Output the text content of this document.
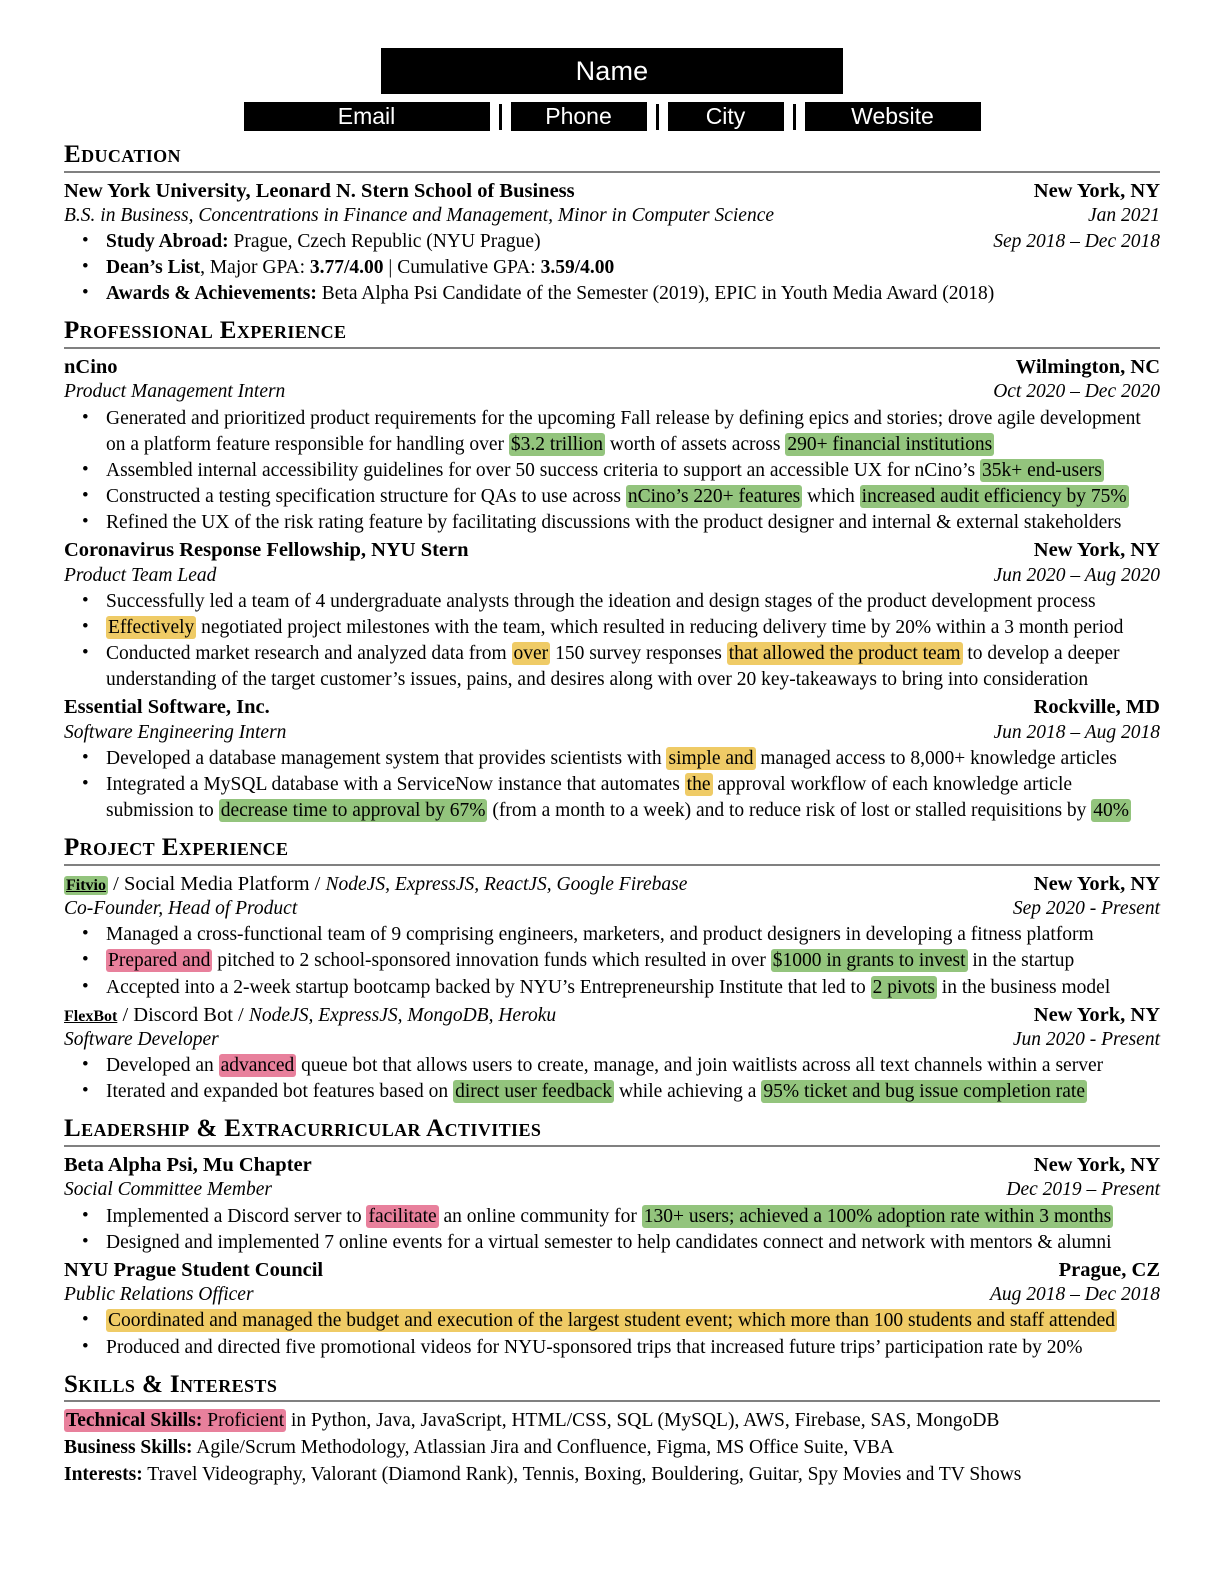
Name
Email	Phone	City	Website
Education
New York University, Leonard N. Stern School of Business	New York, NY
B.S. in Business, Concentrations in Finance and Management, Minor in Computer Science	Jan 2021
• Study Abroad: Prague, Czech Republic (NYU Prague)	Sep 2018 – Dec 2018
• Dean’s List, Major GPA: 3.77/4.00 | Cumulative GPA: 3.59/4.00
• Awards & Achievements: Beta Alpha Psi Candidate of the Semester (2019), EPIC in Youth Media Award (2018)
Professional Experience
nCino	Wilmington, NC
Product Management Intern	Oct 2020 – Dec 2020
• Generated and prioritized product requirements for the upcoming Fall release by defining epics and stories; drove agile development on a platform feature responsible for handling over $3.2 trillion worth of assets across 290+ financial institutions
• Assembled internal accessibility guidelines for over 50 success criteria to support an accessible UX for nCino’s 35k+ end-users
• Constructed a testing specification structure for QAs to use across nCino’s 220+ features which increased audit efficiency by 75%
• Refined the UX of the risk rating feature by facilitating discussions with the product designer and internal & external stakeholders
Coronavirus Response Fellowship, NYU Stern	New York, NY
Product Team Lead	Jun 2020 – Aug 2020
• Successfully led a team of 4 undergraduate analysts through the ideation and design stages of the product development process
• Effectively negotiated project milestones with the team, which resulted in reducing delivery time by 20% within a 3 month period
• Conducted market research and analyzed data from over 150 survey responses that allowed the product team to develop a deeper understanding of the target customer’s issues, pains, and desires along with over 20 key-takeaways to bring into consideration
Essential Software, Inc.	Rockville, MD
Software Engineering Intern	Jun 2018 – Aug 2018
• Developed a database management system that provides scientists with simple and managed access to 8,000+ knowledge articles
• Integrated a MySQL database with a ServiceNow instance that automates the approval workflow of each knowledge article submission to decrease time to approval by 67% (from a month to a week) and to reduce risk of lost or stalled requisitions by 40%
Project Experience
Fitvio / Social Media Platform / NodeJS, ExpressJS, ReactJS, Google Firebase	New York, NY
Co-Founder, Head of Product	Sep 2020 - Present
• Managed a cross-functional team of 9 comprising engineers, marketers, and product designers in developing a fitness platform
• Prepared and pitched to 2 school-sponsored innovation funds which resulted in over $1000 in grants to invest in the startup
• Accepted into a 2-week startup bootcamp backed by NYU’s Entrepreneurship Institute that led to 2 pivots in the business model
FlexBot / Discord Bot / NodeJS, ExpressJS, MongoDB, Heroku	New York, NY
Software Developer	Jun 2020 - Present
• Developed an advanced queue bot that allows users to create, manage, and join waitlists across all text channels within a server
• Iterated and expanded bot features based on direct user feedback while achieving a 95% ticket and bug issue completion rate
Leadership & Extracurricular Activities
Beta Alpha Psi, Mu Chapter	New York, NY
Social Committee Member	Dec 2019 – Present
• Implemented a Discord server to facilitate an online community for 130+ users; achieved a 100% adoption rate within 3 months
• Designed and implemented 7 online events for a virtual semester to help candidates connect and network with mentors & alumni
NYU Prague Student Council	Prague, CZ
Public Relations Officer	Aug 2018 – Dec 2018
• Coordinated and managed the budget and execution of the largest student event; which more than 100 students and staff attended
• Produced and directed five promotional videos for NYU-sponsored trips that increased future trips’ participation rate by 20%
Skills & Interests
Technical Skills: Proficient in Python, Java, JavaScript, HTML/CSS, SQL (MySQL), AWS, Firebase, SAS, MongoDB
Business Skills: Agile/Scrum Methodology, Atlassian Jira and Confluence, Figma, MS Office Suite, VBA
Interests: Travel Videography, Valorant (Diamond Rank), Tennis, Boxing, Bouldering, Guitar, Spy Movies and TV Shows
